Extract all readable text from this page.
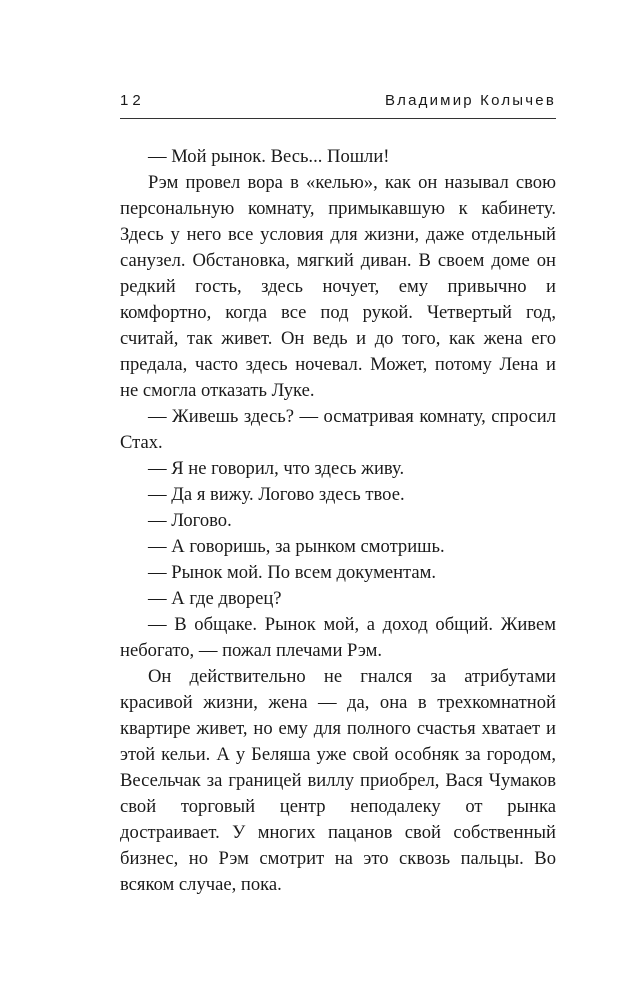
12	Владимир Колычев

— Мой рынок. Весь... Пошли!

Рэм провел вора в «келью», как он называл свою персональную комнату, примыкавшую к кабинету. Здесь у него все условия для жизни, даже отдельный санузел. Обстановка, мягкий диван. В своем доме он редкий гость, здесь ночует, ему привычно и комфортно, когда все под рукой. Четвертый год, считай, так живет. Он ведь и до того, как жена его предала, часто здесь ночевал. Может, потому Лена и не смогла отказать Луке.

— Живешь здесь? — осматривая комнату, спросил Стах.

— Я не говорил, что здесь живу.

— Да я вижу. Логово здесь твое.

— Логово.

— А говоришь, за рынком смотришь.

— Рынок мой. По всем документам.

— А где дворец?

— В общаке. Рынок мой, а доход общий. Живем небогато, — пожал плечами Рэм.

Он действительно не гнался за атрибутами красивой жизни, жена — да, она в трехкомнатной квартире живет, но ему для полного счастья хватает и этой кельи. А у Беляша уже свой особняк за городом, Весельчак за границей виллу приобрел, Вася Чумаков свой торговый центр неподалеку от рынка достраивает. У многих пацанов свой собственный бизнес, но Рэм смотрит на это сквозь пальцы. Во всяком случае, пока.
